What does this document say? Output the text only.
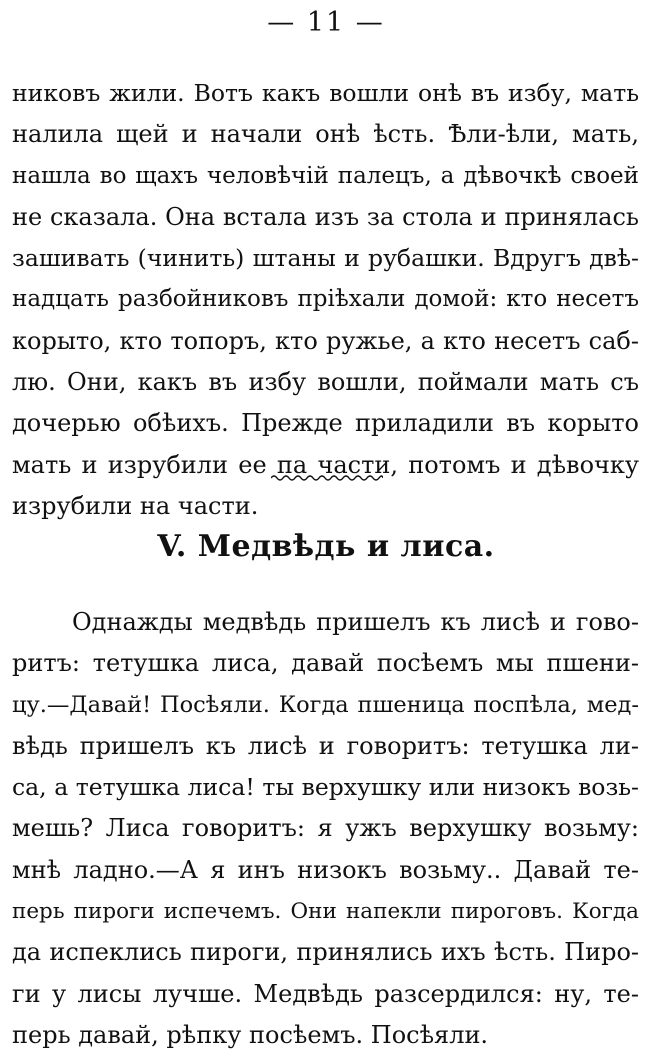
— 11 —
никовъ жили. Вотъ какъ вошли онѣ въ избу, мать
налила щей и начали онѣ ѣсть. Ѣли-ѣли, мать,
нашла во щахъ человѣчій палецъ, а дѣвочкѣ своей
не сказала. Она встала изъ за стола и принялась
зашивать (чинить) штаны и рубашки. Вдругъ двѣ-
надцать разбойниковъ пріѣхали домой: кто несетъ
корыто, кто топоръ, кто ружье, а кто несетъ саб-
лю. Они, какъ въ избу вошли, поймали мать съ
дочерью обѣихъ. Прежде приладили въ корыто
мать и изрубили ее па части, потомъ и дѣвочку
изрубили на части.
V. Медвѣдь и лиса.
Однажды медвѣдь пришелъ къ лисѣ и гово-
ритъ: тетушка лиса, давай посѣемъ мы пшени-
цу.—Давай! Посѣяли. Когда пшеница поспѣла, мед-
вѣдь пришелъ къ лисѣ и говоритъ: тетушка ли-
са, а тетушка лиса! ты верхушку или низокъ возь-
мешь? Лиса говоритъ: я ужъ верхушку возьму:
мнѣ ладно.—А я инъ низокъ возьму.. Давай те-
перь пироги испечемъ. Они напекли пироговъ. Когда
да испеклись пироги, принялись ихъ ѣсть. Пиро-
ги у лисы лучше. Медвѣдь разсердился: ну, те-
перь давай, рѣпку посѣемъ. Посѣяли.
